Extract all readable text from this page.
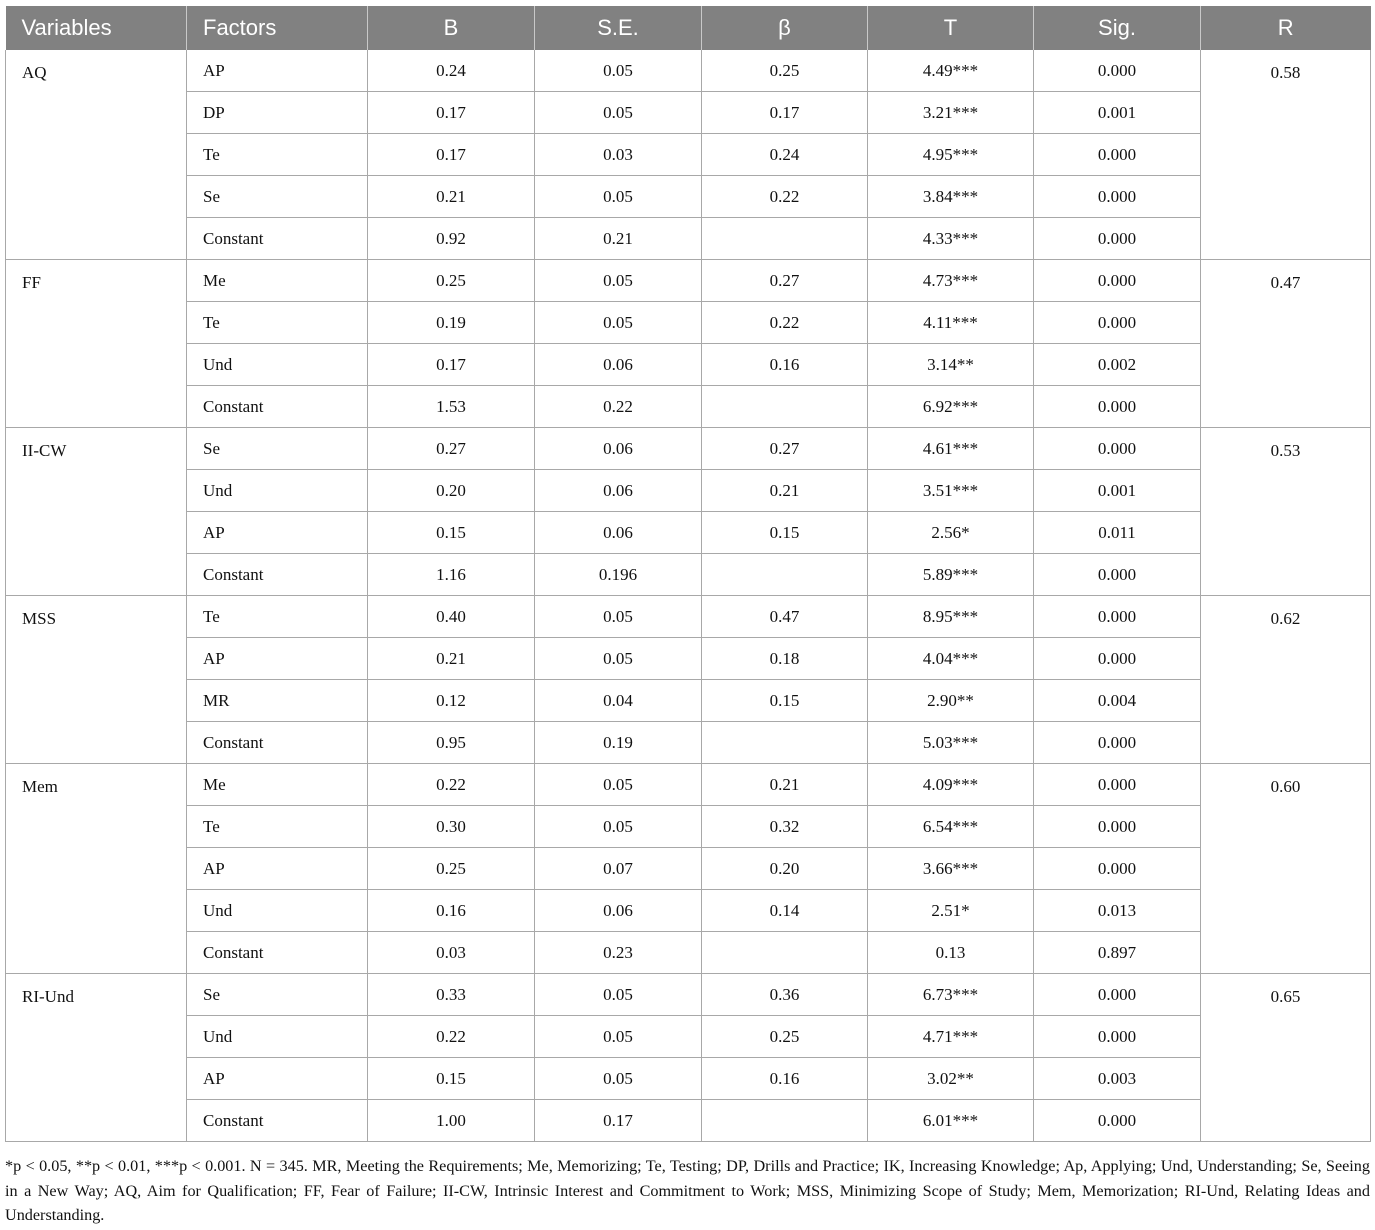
Variables	Factors	B	S.E.	β	T	Sig.	R
AQ	AP	0.24	0.05	0.25	4.49***	0.000	0.58
	DP	0.17	0.05	0.17	3.21***	0.001	
	Te	0.17	0.03	0.24	4.95***	0.000	
	Se	0.21	0.05	0.22	3.84***	0.000	
	Constant	0.92	0.21		4.33***	0.000	
FF	Me	0.25	0.05	0.27	4.73***	0.000	0.47
	Te	0.19	0.05	0.22	4.11***	0.000	
	Und	0.17	0.06	0.16	3.14**	0.002	
	Constant	1.53	0.22		6.92***	0.000	
II-CW	Se	0.27	0.06	0.27	4.61***	0.000	0.53
	Und	0.20	0.06	0.21	3.51***	0.001	
	AP	0.15	0.06	0.15	2.56*	0.011	
	Constant	1.16	0.196		5.89***	0.000	
MSS	Te	0.40	0.05	0.47	8.95***	0.000	0.62
	AP	0.21	0.05	0.18	4.04***	0.000	
	MR	0.12	0.04	0.15	2.90**	0.004	
	Constant	0.95	0.19		5.03***	0.000	
Mem	Me	0.22	0.05	0.21	4.09***	0.000	0.60
	Te	0.30	0.05	0.32	6.54***	0.000	
	AP	0.25	0.07	0.20	3.66***	0.000	
	Und	0.16	0.06	0.14	2.51*	0.013	
	Constant	0.03	0.23		0.13	0.897	
RI-Und	Se	0.33	0.05	0.36	6.73***	0.000	0.65
	Und	0.22	0.05	0.25	4.71***	0.000	
	AP	0.15	0.05	0.16	3.02**	0.003	
	Constant	1.00	0.17		6.01***	0.000	
*p < 0.05, **p < 0.01, ***p < 0.001. N = 345. MR, Meeting the Requirements; Me, Memorizing; Te, Testing; DP, Drills and Practice; IK, Increasing Knowledge; Ap, Applying; Und, Understanding; Se, Seeing in a New Way; AQ, Aim for Qualification; FF, Fear of Failure; II-CW, Intrinsic Interest and Commitment to Work; MSS, Minimizing Scope of Study; Mem, Memorization; RI-Und, Relating Ideas and Understanding.
